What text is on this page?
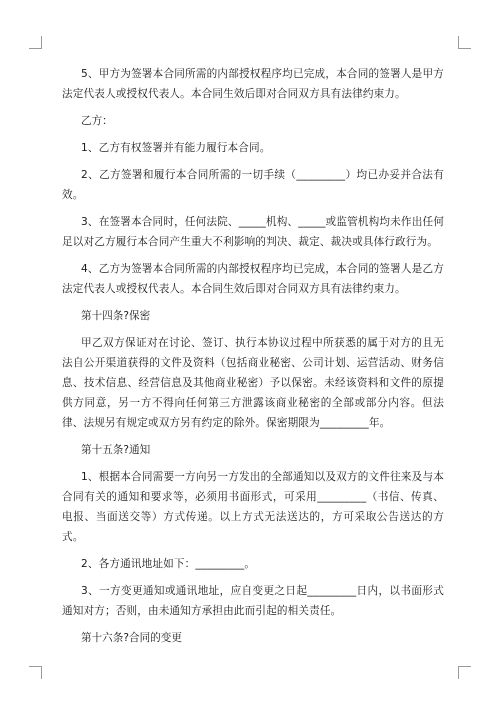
5、甲方为签署本合同所需的内部授权程序均已完成，本合同的签署人是甲方法定代表人或授权代表人。本合同生效后即对合同双方具有法律约束力。

乙方：

1、乙方有权签署并有能力履行本合同。

2、乙方签署和履行本合同所需的一切手续（_________）均已办妥并合法有效。

3、在签署本合同时，任何法院、_____机构、_____或监管机构均未作出任何足以对乙方履行本合同产生重大不利影响的判决、裁定、裁决或具体行政行为。

4、乙方为签署本合同所需的内部授权程序均已完成，本合同的签署人是乙方法定代表人或授权代表人。本合同生效后即对合同双方具有法律约束力。

第十四条?保密

甲乙双方保证对在讨论、签订、执行本协议过程中所获悉的属于对方的且无法自公开渠道获得的文件及资料（包括商业秘密、公司计划、运营活动、财务信息、技术信息、经营信息及其他商业秘密）予以保密。未经该资料和文件的原提供方同意，另一方不得向任何第三方泄露该商业秘密的全部或部分内容。但法律、法规另有规定或双方另有约定的除外。保密期限为_________年。

第十五条?通知

1、根据本合同需要一方向另一方发出的全部通知以及双方的文件往来及与本合同有关的通知和要求等，必须用书面形式，可采用_________（书信、传真、电报、当面送交等）方式传递。以上方式无法送达的，方可采取公告送达的方式。

2、各方通讯地址如下：_________。

3、一方变更通知或通讯地址，应自变更之日起_________日内，以书面形式通知对方；否则，由未通知方承担由此而引起的相关责任。

第十六条?合同的变更
